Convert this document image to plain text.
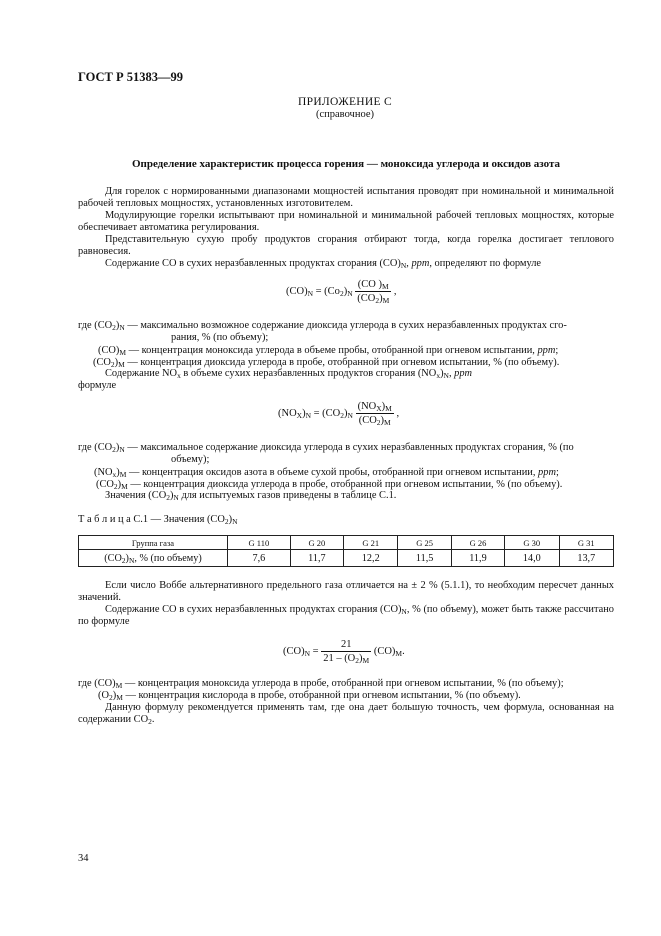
ГОСТ Р 51383—99
ПРИЛОЖЕНИЕ С
(справочное)
Определение характеристик процесса горения — моноксида углерода и оксидов азота
Для горелок с нормированными диапазонами мощностей испытания проводят при номинальной и минимальной рабочей тепловых мощностях, установленных изготовителем.
Модулирующие горелки испытывают при номинальной и минимальной рабочей тепловых мощностях, которые обеспечивает автоматика регулирования.
Представительную сухую пробу продуктов сгорания отбирают тогда, когда горелка достигает теплового равновесия.
Содержание CO в сухих неразбавленных продуктах сгорания $(CO)_N$, ppm, определяют по формуле
$(CO)_N = (Co_2)_N \frac{(CO )_M}{(CO_2)_M}$ ,
где $(CO_2)_N$ — максимально возможное содержание диоксида углерода в сухих неразбавленных продуктах сго-
рания, % (по объему);
$(CO)_M$ — концентрация моноксида углерода в объеме пробы, отобранной при огневом испытании, ppm;
$(CO_2)_M$ — концентрация диоксида углерода в пробе, отобранной при огневом испытании, % (по объему).
Содержание $NO_x$ в объеме сухих неразбавленных продуктов сгорания $(NO_x)_N$, ppm
формуле
$(NO_X)_N = (CO_2)_N \frac{(NO_X)_M}{(CO_2)_M}$ ,
где $(CO_2)_N$ — максимальное содержание диоксида углерода в сухих неразбавленных продуктах сгорания, % (по
объему);
$(NO_x)_M$ — концентрация оксидов азота в объеме сухой пробы, отобранной при огневом испытании, ppm;
$(CO_2)_M$ — концентрация диоксида углерода в пробе, отобранной при огневом испытании, % (по объему).
Значения $(CO_2)_N$ для испытуемых газов приведены в таблице С.1.
Т а б л и ц а С.1 — Значения $(CO_2)_N$
Группа газа	G 110	G 20	G 21	G 25	G 26	G 30	G 31
$(CO_2)_N$, % (по объему)	7,6	11,7	12,2	11,5	11,9	14,0	13,7
Если число Воббе альтернативного предельного газа отличается на ± 2 % (5.1.1), то необходим пересчет данных значений.
Содержание CO в сухих неразбавленных продуктах сгорания $(CO)_N$, % (по объему), может быть также рассчитано по формуле
$(CO)_N = \frac{21}{21 - (O_2)_M} (CO)_M$.
где $(CO)_M$ — концентрация моноксида углерода в пробе, отобранной при огневом испытании, % (по объему);
$(O_2)_M$ — концентрация кислорода в пробе, отобранной при огневом испытании, % (по объему).
Данную формулу рекомендуется применять там, где она дает большую точность, чем формула, основанная на содержании $CO_2$.
34
